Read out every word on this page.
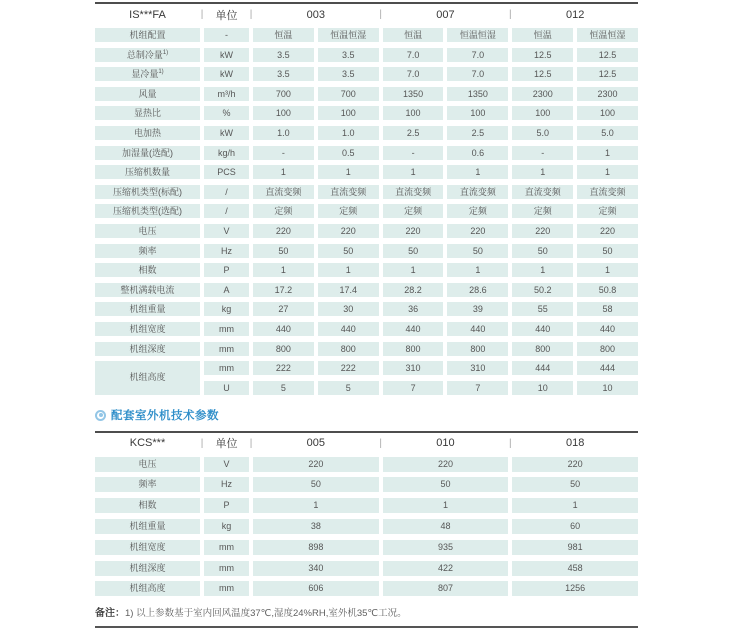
IS***FA	|	单位	|	003	|	007	|	012
机组配置	-	恒温	恒温恒湿	恒温	恒温恒湿	恒温	恒温恒湿
总制冷量$^{1)}$	kW	3.5	3.5	7.0	7.0	12.5	12.5
显冷量$^{1)}$	kW	3.5	3.5	7.0	7.0	12.5	12.5
风量	m³/h	700	700	1350	1350	2300	2300
显热比	%	100	100	100	100	100	100
电加热	kW	1.0	1.0	2.5	2.5	5.0	5.0
加湿量(选配)	kg/h	-	0.5	-	0.6	-	1
压缩机数量	PCS	1	1	1	1	1	1
压缩机类型(标配)	/	直流变频	直流变频	直流变频	直流变频	直流变频	直流变频
压缩机类型(选配)	/	定频	定频	定频	定频	定频	定频
电压	V	220	220	220	220	220	220
频率	Hz	50	50	50	50	50	50
相数	P	1	1	1	1	1	1
整机满载电流	A	17.2	17.4	28.2	28.6	50.2	50.8
机组重量	kg	27	30	36	39	55	58
机组宽度	mm	440	440	440	440	440	440
机组深度	mm	800	800	800	800	800	800
机组高度
mm	222	222	310	310	444	444
U	5	5	7	7	10	10
配套室外机技术参数
KCS***	|	单位	|	005	|	010	|	018
电压	V	220	220	220
频率	Hz	50	50	50
相数	P	1	1	1
机组重量	kg	38	48	60
机组宽度	mm	898	935	981
机组深度	mm	340	422	458
机组高度	mm	606	807	1256
备注：1) 以上参数基于室内回风温度37℃,湿度24%RH,室外机35℃工况。
